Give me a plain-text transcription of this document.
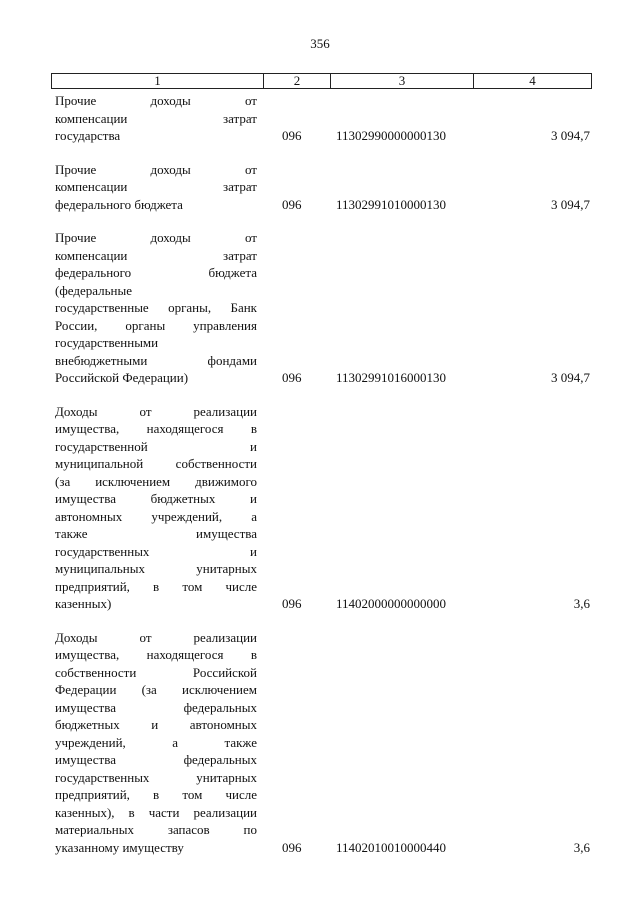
356
1	2	3	4
Прочие доходы от
компенсации затрат
государства	096	11302990000000130	3 094,7
Прочие доходы от
компенсации затрат
федерального бюджета	096	11302991010000130	3 094,7
Прочие доходы от
компенсации затрат
федерального бюджета
(федеральные
государственные органы, Банк
России, органы управления
государственными
внебюджетными фондами
Российской Федерации)	096	11302991016000130	3 094,7
Доходы от реализации
имущества, находящегося в
государственной и
муниципальной собственности
(за исключением движимого
имущества бюджетных и
автономных учреждений, а
также имущества
государственных и
муниципальных унитарных
предприятий, в том числе
казенных)	096	11402000000000000	3,6
Доходы от реализации
имущества, находящегося в
собственности Российской
Федерации (за исключением
имущества федеральных
бюджетных и автономных
учреждений, а также
имущества федеральных
государственных унитарных
предприятий, в том числе
казенных), в части реализации
материальных запасов по
указанному имуществу	096	11402010010000440	3,6
